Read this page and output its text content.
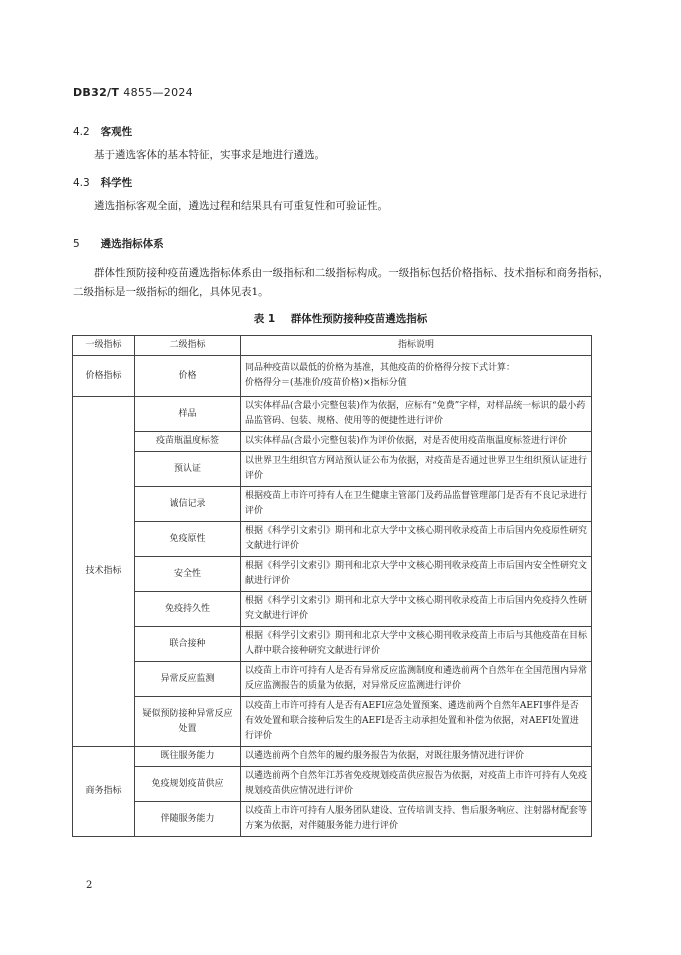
DB32/T 4855—2024
4.2 客观性
基于遴选客体的基本特征，实事求是地进行遴选。
4.3 科学性
遴选指标客观全面，遴选过程和结果具有可重复性和可验证性。
5 遴选指标体系
群体性预防接种疫苗遴选指标体系由一级指标和二级指标构成。一级指标包括价格指标、技术指标和商务指标，二级指标是一级指标的细化，具体见表1。
表 1 群体性预防接种疫苗遴选指标
一级指标	二级指标	指标说明
价格指标	价格	同品种疫苗以最低的价格为基准，其他疫苗的价格得分按下式计算：
价格得分＝(基准价/疫苗价格)×指标分值

技术指标	样品	以实体样品(含最小完整包装)作为依据，应标有“免费”字样，对样品统一标识的最小药品监管码、包装、规格、使用等的便捷性进行评价
	疫苗瓶温度标签	以实体样品(含最小完整包装)作为评价依据，对是否使用疫苗瓶温度标签进行评价
	预认证	以世界卫生组织官方网站预认证公布为依据，对疫苗是否通过世界卫生组织预认证进行评价
	诚信记录	根据疫苗上市许可持有人在卫生健康主管部门及药品监督管理部门是否有不良记录进行评价
	免疫原性	根据《科学引文索引》期刊和北京大学中文核心期刊收录疫苗上市后国内免疫原性研究文献进行评价
	安全性	根据《科学引文索引》期刊和北京大学中文核心期刊收录疫苗上市后国内安全性研究文献进行评价
	免疫持久性	根据《科学引文索引》期刊和北京大学中文核心期刊收录疫苗上市后国内免疫持久性研究文献进行评价
	联合接种	根据《科学引文索引》期刊和北京大学中文核心期刊收录疫苗上市后与其他疫苗在目标人群中联合接种研究文献进行评价
	异常反应监测	以疫苗上市许可持有人是否有异常反应监测制度和遴选前两个自然年在全国范围内异常反应监测报告的质量为依据，对异常反应监测进行评价
	疑似预防接种异常反应处置	以疫苗上市许可持有人是否有AEFI应急处置预案、遴选前两个自然年AEFI事件是否有效处置和联合接种后发生的AEFI是否主动承担处置和补偿为依据，对AEFI处置进行评价
商务指标	既往服务能力	以遴选前两个自然年的履约服务报告为依据，对既往服务情况进行评价
	免疫规划疫苗供应	以遴选前两个自然年江苏省免疫规划疫苗供应报告为依据，对疫苗上市许可持有人免疫规划疫苗供应情况进行评价
	伴随服务能力	以疫苗上市许可持有人服务团队建设、宣传培训支持、售后服务响应、注射器材配套等方案为依据，对伴随服务能力进行评价
2
